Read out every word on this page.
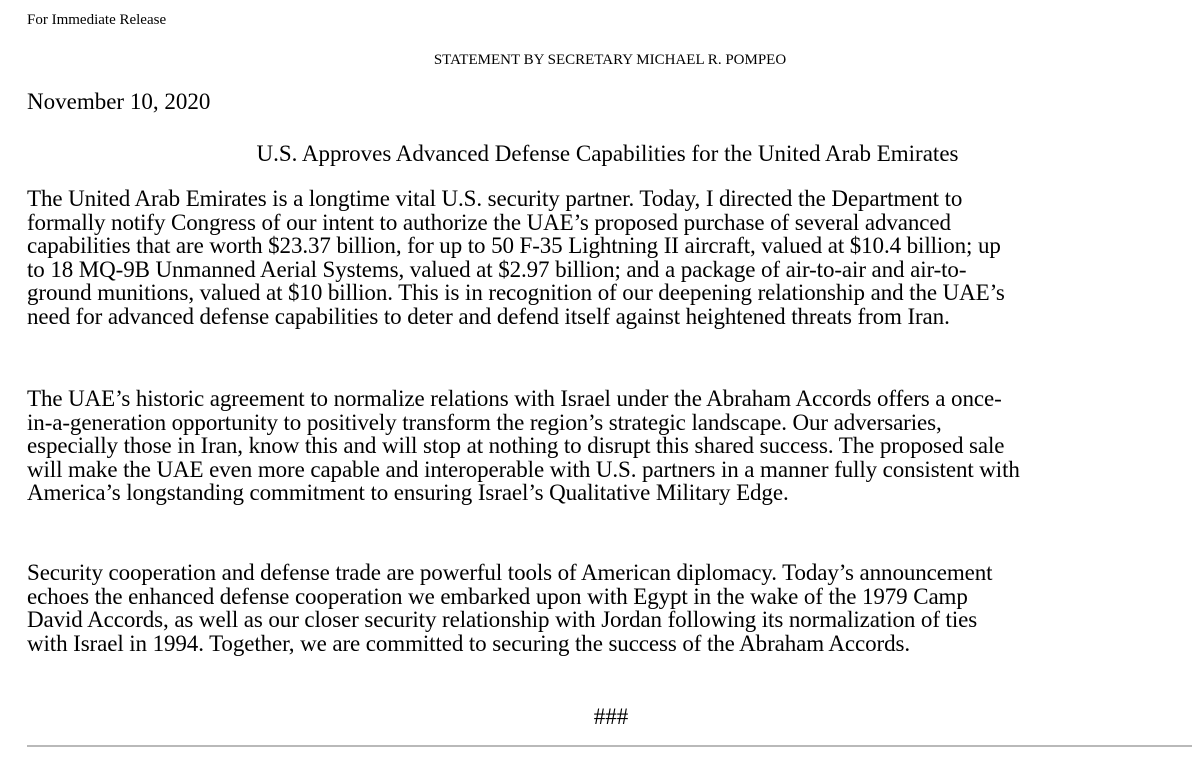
For Immediate Release
STATEMENT BY SECRETARY MICHAEL R. POMPEO
November 10, 2020
U.S. Approves Advanced Defense Capabilities for the United Arab Emirates
The United Arab Emirates is a longtime vital U.S. security partner. Today, I directed the Department to
formally notify Congress of our intent to authorize the UAE’s proposed purchase of several advanced
capabilities that are worth $23.37 billion, for up to 50 F-35 Lightning II aircraft, valued at $10.4 billion; up
to 18 MQ-9B Unmanned Aerial Systems, valued at $2.97 billion; and a package of air-to-air and air-to-
ground munitions, valued at $10 billion. This is in recognition of our deepening relationship and the UAE’s
need for advanced defense capabilities to deter and defend itself against heightened threats from Iran.
The UAE’s historic agreement to normalize relations with Israel under the Abraham Accords offers a once-
in-a-generation opportunity to positively transform the region’s strategic landscape. Our adversaries,
especially those in Iran, know this and will stop at nothing to disrupt this shared success. The proposed sale
will make the UAE even more capable and interoperable with U.S. partners in a manner fully consistent with
America’s longstanding commitment to ensuring Israel’s Qualitative Military Edge.
Security cooperation and defense trade are powerful tools of American diplomacy. Today’s announcement
echoes the enhanced defense cooperation we embarked upon with Egypt in the wake of the 1979 Camp
David Accords, as well as our closer security relationship with Jordan following its normalization of ties
with Israel in 1994. Together, we are committed to securing the success of the Abraham Accords.
###
